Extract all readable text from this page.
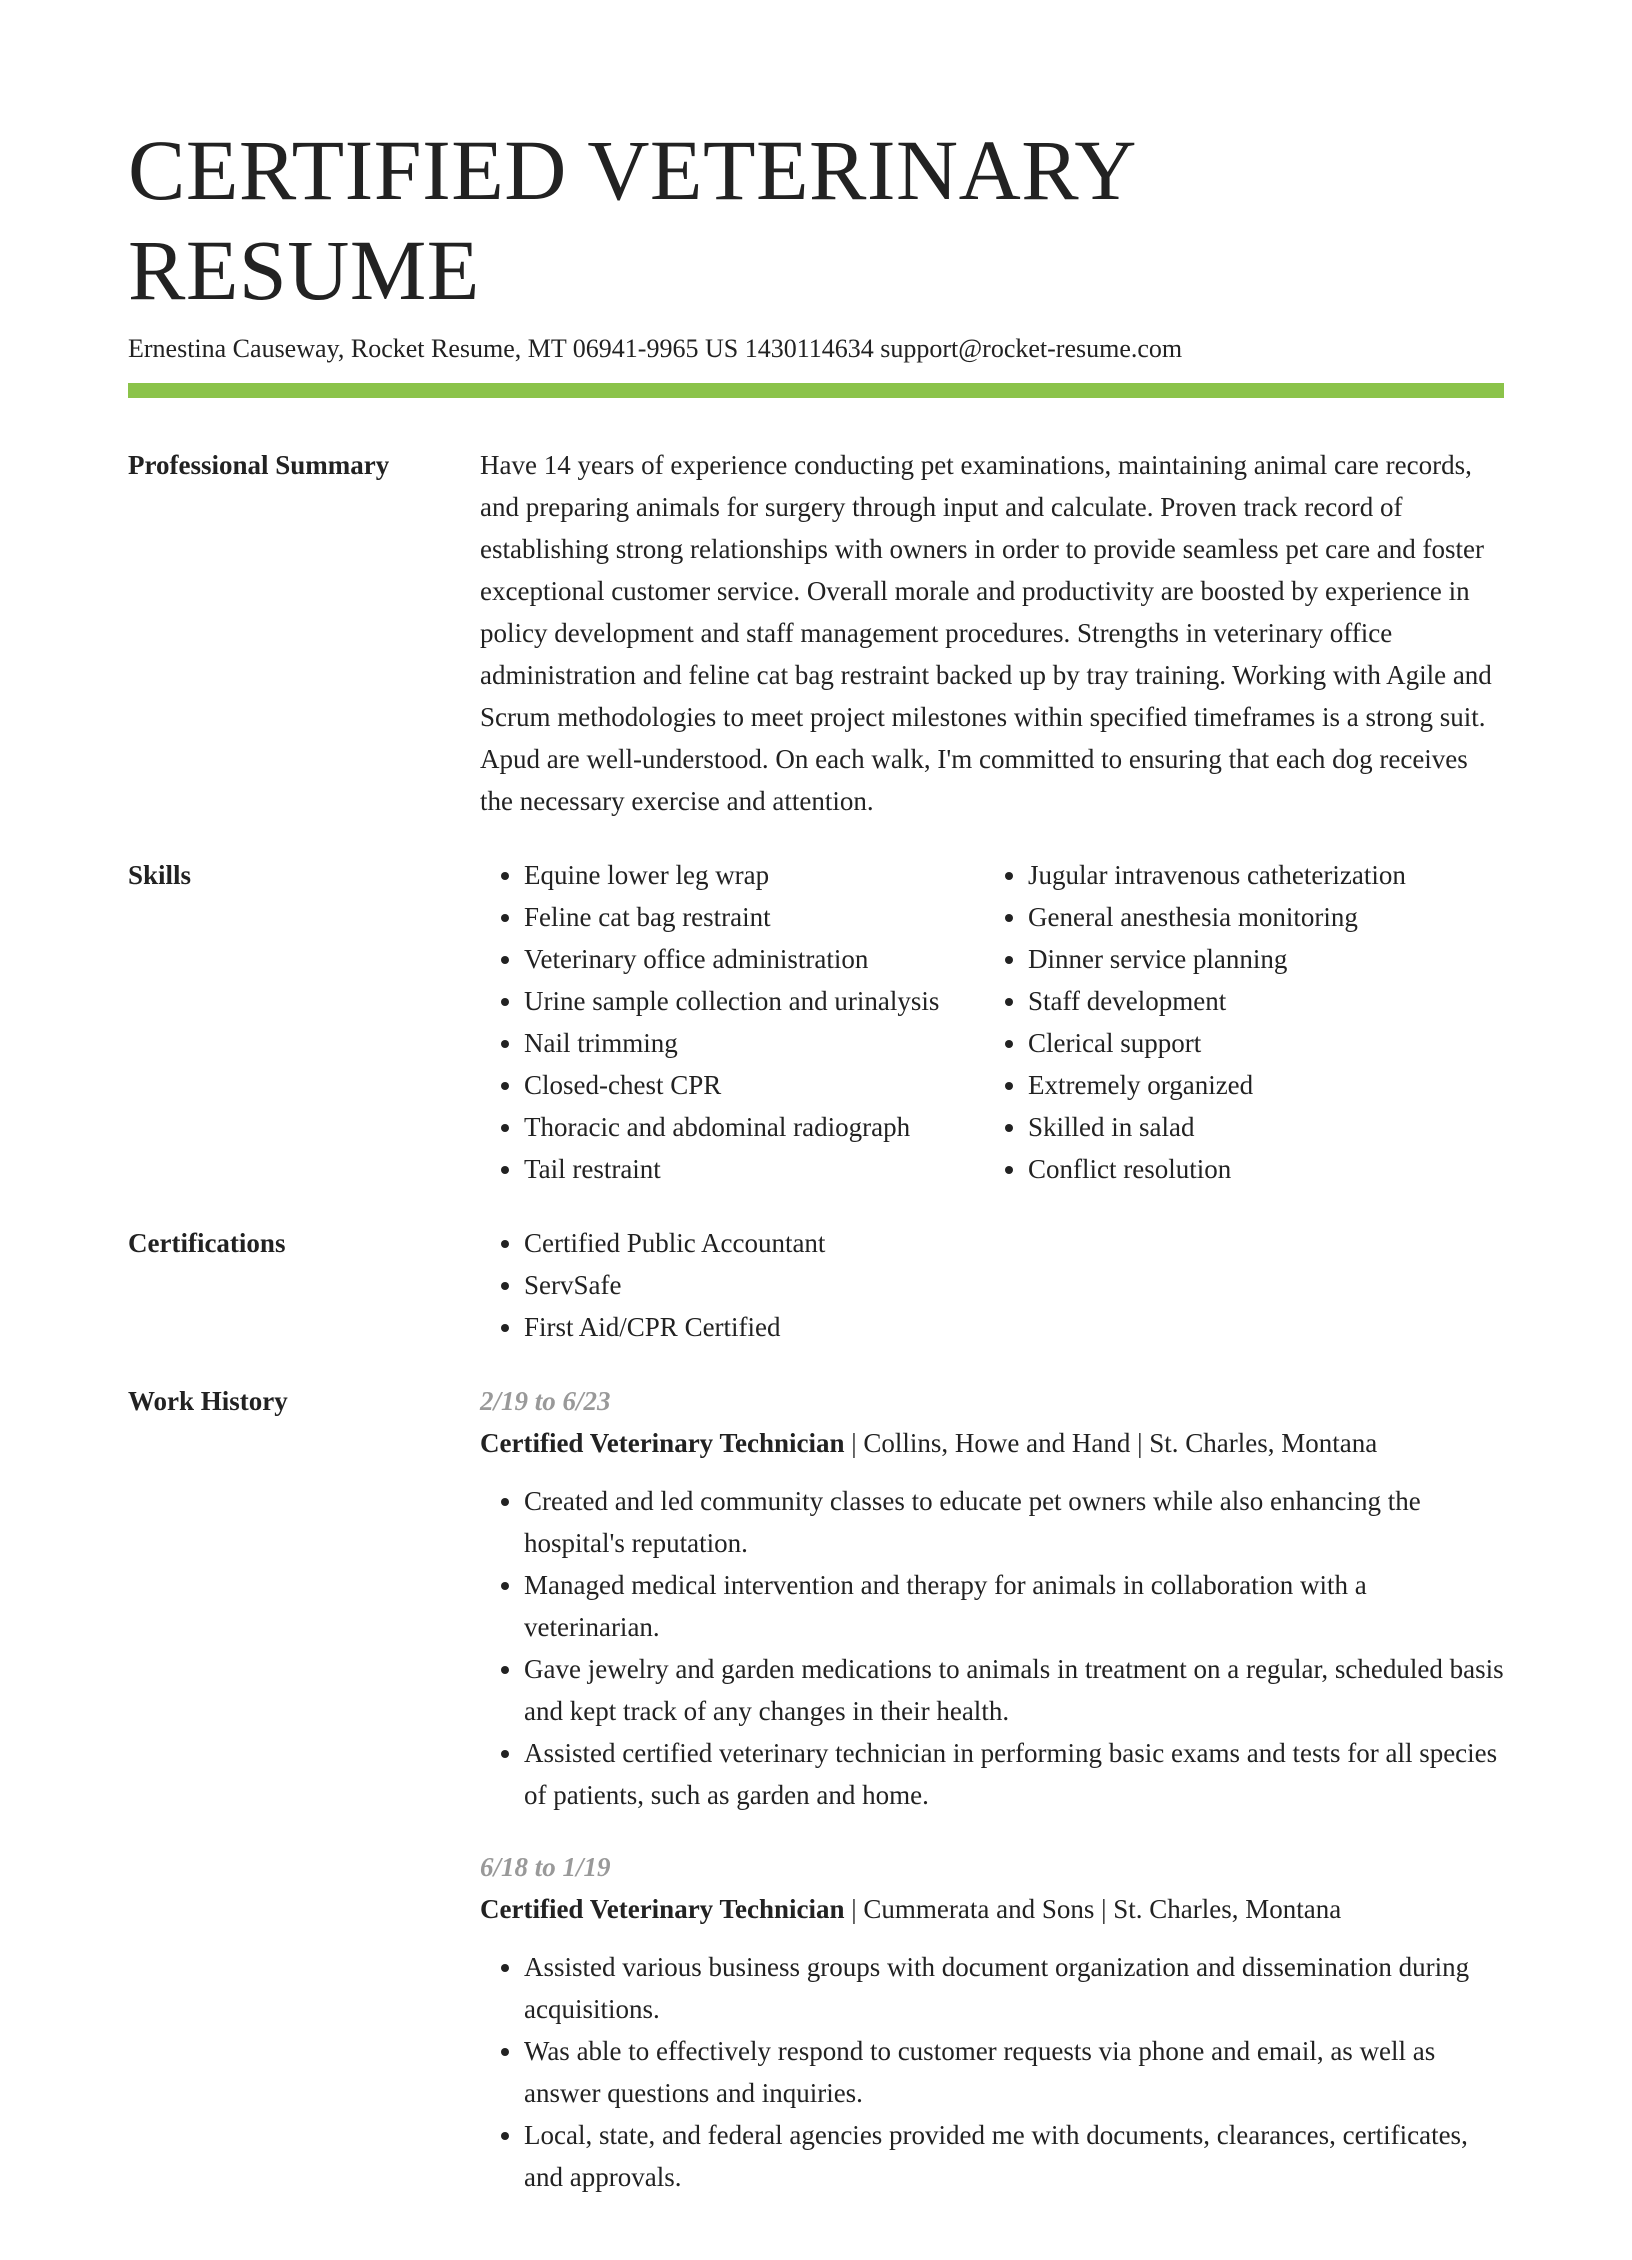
CERTIFIED VETERINARY RESUME
Ernestina Causeway, Rocket Resume, MT 06941-9965 US 1430114634 support@rocket-resume.com
Professional Summary	Have 14 years of experience conducting pet examinations, maintaining animal care records, and preparing animals for surgery through input and calculate. Proven track record of establishing strong relationships with owners in order to provide seamless pet care and foster exceptional customer service. Overall morale and productivity are boosted by experience in policy development and staff management procedures. Strengths in veterinary office administration and feline cat bag restraint backed up by tray training. Working with Agile and Scrum methodologies to meet project milestones within specified timeframes is a strong suit. Apud are well-understood. On each walk, I'm committed to ensuring that each dog receives the necessary exercise and attention.

Skills	• Equine lower leg wrap
• Feline cat bag restraint
• Veterinary office administration
• Urine sample collection and urinalysis
• Nail trimming
• Closed-chest CPR
• Thoracic and abdominal radiograph
• Tail restraint
• Jugular intravenous catheterization
• General anesthesia monitoring
• Dinner service planning
• Staff development
• Clerical support
• Extremely organized
• Skilled in salad
• Conflict resolution
Certifications	• Certified Public Accountant
• ServSafe
• First Aid/CPR Certified
Work History	2/19 to 6/23
Certified Veterinary Technician | Collins, Howe and Hand | St. Charles, Montana
• Created and led community classes to educate pet owners while also enhancing the hospital's reputation.
• Managed medical intervention and therapy for animals in collaboration with a veterinarian.
• Gave jewelry and garden medications to animals in treatment on a regular, scheduled basis and kept track of any changes in their health.
• Assisted certified veterinary technician in performing basic exams and tests for all species of patients, such as garden and home.
6/18 to 1/19
Certified Veterinary Technician | Cummerata and Sons | St. Charles, Montana
• Assisted various business groups with document organization and dissemination during acquisitions.
• Was able to effectively respond to customer requests via phone and email, as well as answer questions and inquiries.
• Local, state, and federal agencies provided me with documents, clearances, certificates, and approvals.
